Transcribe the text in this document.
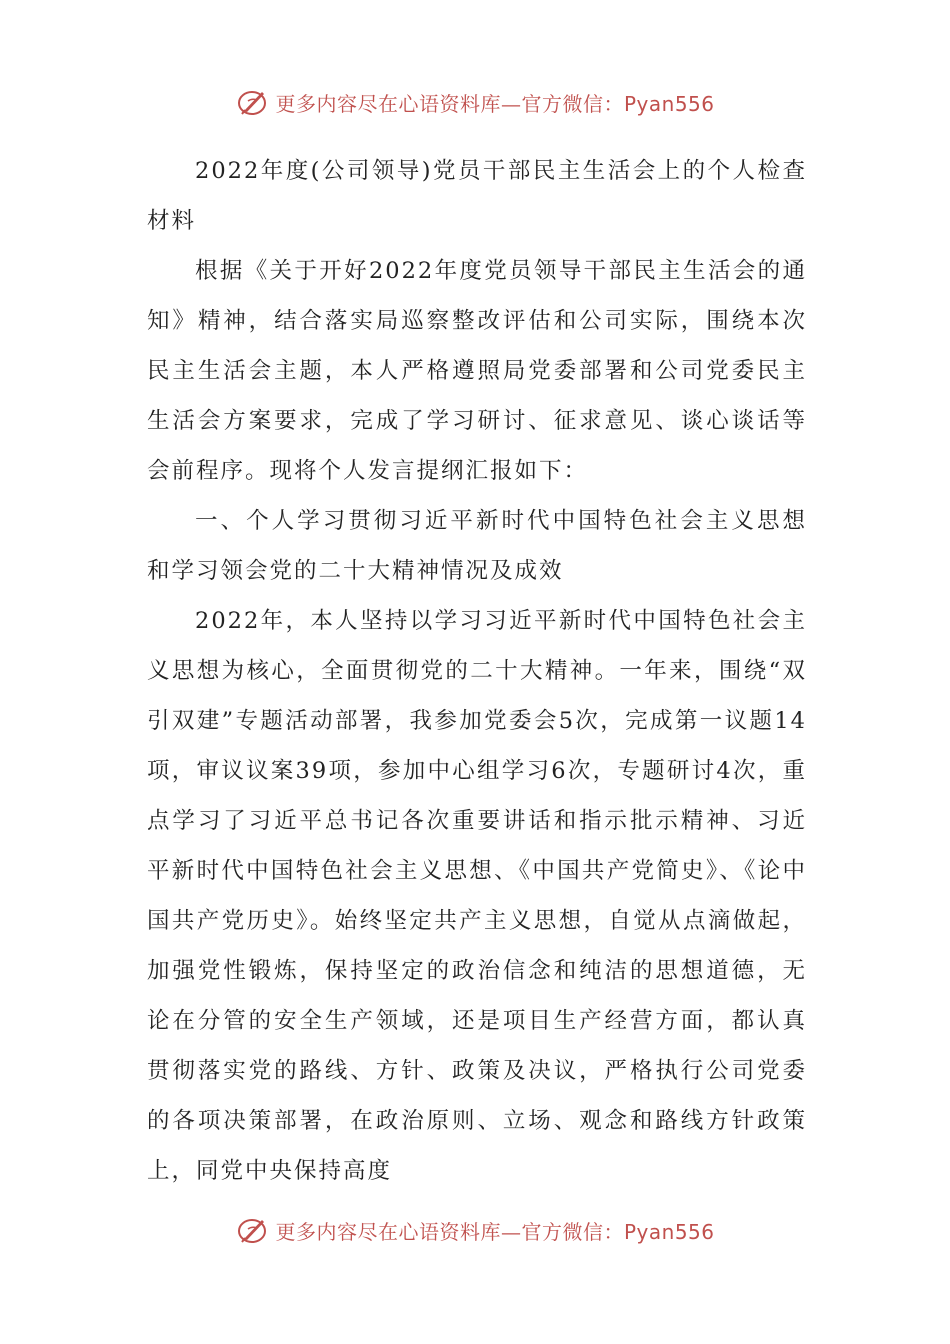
更多内容尽在心语资料库—官方微信：Pyan556

2022年度(公司领导)党员干部民主生活会上的个人检查材料

根据《关于开好2022年度党员领导干部民主生活会的通知》精神，结合落实局巡察整改评估和公司实际，围绕本次民主生活会主题，本人严格遵照局党委部署和公司党委民主生活会方案要求，完成了学习研讨、征求意见、谈心谈话等会前程序。现将个人发言提纲汇报如下：

一、个人学习贯彻习近平新时代中国特色社会主义思想和学习领会党的二十大精神情况及成效

2022年，本人坚持以学习习近平新时代中国特色社会主义思想为核心，全面贯彻党的二十大精神。一年来，围绕“双引双建”专题活动部署，我参加党委会5次，完成第一议题14项，审议议案39项，参加中心组学习6次，专题研讨4次，重点学习了习近平总书记各次重要讲话和指示批示精神、习近平新时代中国特色社会主义思想、《中国共产党简史》、《论中国共产党历史》。始终坚定共产主义思想，自觉从点滴做起，加强党性锻炼，保持坚定的政治信念和纯洁的思想道德，无论在分管的安全生产领域，还是项目生产经营方面，都认真贯彻落实党的路线、方针、政策及决议，严格执行公司党委的各项决策部署，在政治原则、立场、观念和路线方针政策上，同党中央保持高度

更多内容尽在心语资料库—官方微信：Pyan556
